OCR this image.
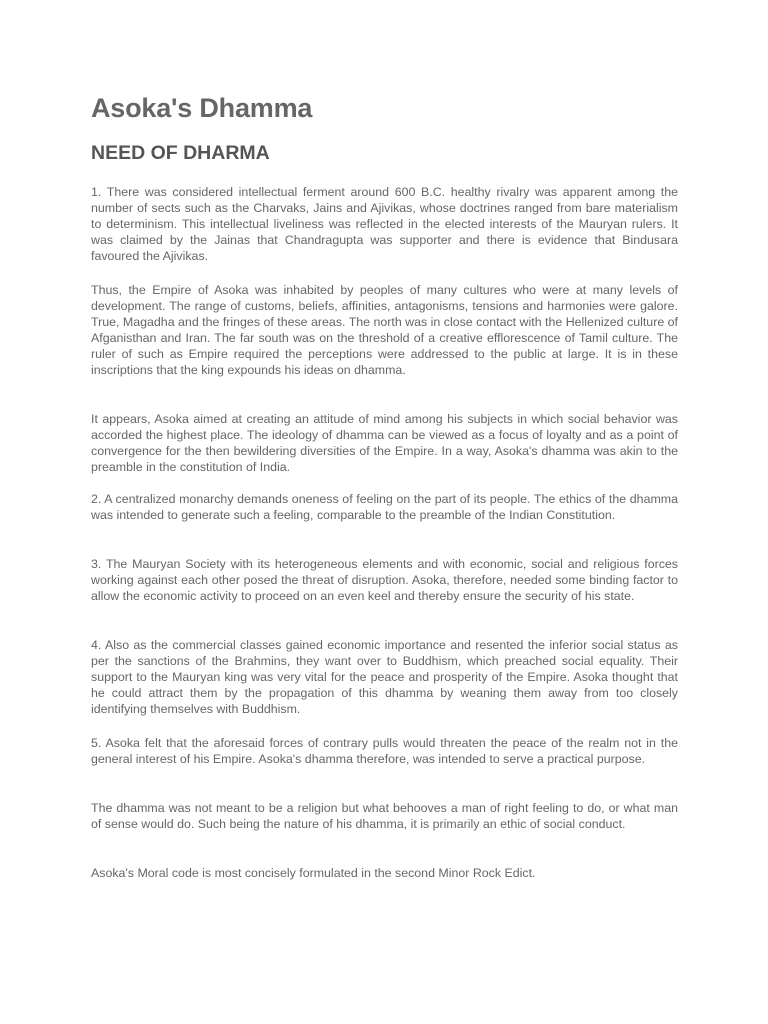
Asoka's Dhamma
NEED OF DHARMA

1. There was considered intellectual ferment around 600 B.C. healthy rivalry was apparent among the number of sects such as the Charvaks, Jains and Ajivikas, whose doctrines ranged from bare materialism to determinism. This intellectual liveliness was reflected in the elected interests of the Mauryan rulers. It was claimed by the Jainas that Chandragupta was supporter and there is evidence that Bindusara favoured the Ajivikas.

Thus, the Empire of Asoka was inhabited by peoples of many cultures who were at many levels of development. The range of customs, beliefs, affinities, antagonisms, tensions and harmonies were galore. True, Magadha and the fringes of these areas. The north was in close contact with the Hellenized culture of Afganisthan and Iran. The far south was on the threshold of a creative efflorescence of Tamil culture. The ruler of such as Empire required the perceptions were addressed to the public at large. It is in these inscriptions that the king expounds his ideas on dhamma.

It appears, Asoka aimed at creating an attitude of mind among his subjects in which social behavior was accorded the highest place. The ideology of dhamma can be viewed as a focus of loyalty and as a point of convergence for the then bewildering diversities of the Empire. In a way, Asoka's dhamma was akin to the preamble in the constitution of India.

2. A centralized monarchy demands oneness of feeling on the part of its people. The ethics of the dhamma was intended to generate such a feeling, comparable to the preamble of the Indian Constitution.

3. The Mauryan Society with its heterogeneous elements and with economic, social and religious forces working against each other posed the threat of disruption. Asoka, therefore, needed some binding factor to allow the economic activity to proceed on an even keel and thereby ensure the security of his state.

4. Also as the commercial classes gained economic importance and resented the inferior social status as per the sanctions of the Brahmins, they want over to Buddhism, which preached social equality. Their support to the Mauryan king was very vital for the peace and prosperity of the Empire. Asoka thought that he could attract them by the propagation of this dhamma by weaning them away from too closely identifying themselves with Buddhism.

5. Asoka felt that the aforesaid forces of contrary pulls would threaten the peace of the realm not in the general interest of his Empire. Asoka's dhamma therefore, was intended to serve a practical purpose.

The dhamma was not meant to be a religion but what behooves a man of right feeling to do, or what man of sense would do. Such being the nature of his dhamma, it is primarily an ethic of social conduct.

Asoka's Moral code is most concisely formulated in the second Minor Rock Edict.
